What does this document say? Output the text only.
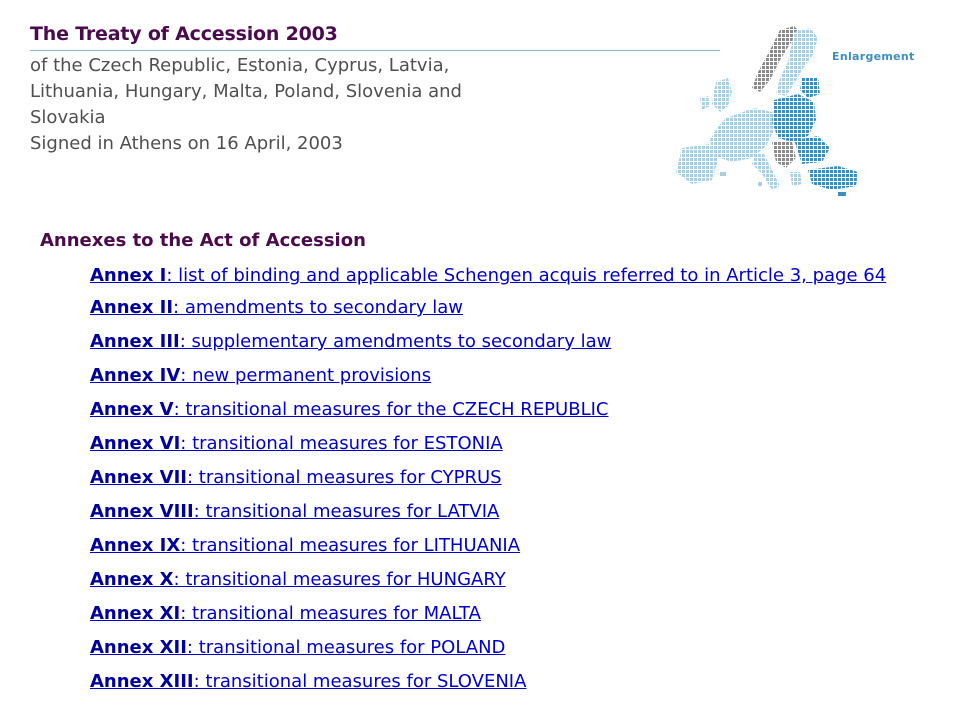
The Treaty of Accession 2003
of the Czech Republic, Estonia, Cyprus, Latvia,
Lithuania, Hungary, Malta, Poland, Slovenia and
Slovakia
Signed in Athens on 16 April, 2003
Enlargement
Annexes to the Act of Accession
Annex I: list of binding and applicable Schengen acquis referred to in Article 3, page 64
Annex II: amendments to secondary law
Annex III: supplementary amendments to secondary law
Annex IV: new permanent provisions
Annex V: transitional measures for the CZECH REPUBLIC
Annex VI: transitional measures for ESTONIA
Annex VII: transitional measures for CYPRUS
Annex VIII: transitional measures for LATVIA
Annex IX: transitional measures for LITHUANIA
Annex X: transitional measures for HUNGARY
Annex XI: transitional measures for MALTA
Annex XII: transitional measures for POLAND
Annex XIII: transitional measures for SLOVENIA
